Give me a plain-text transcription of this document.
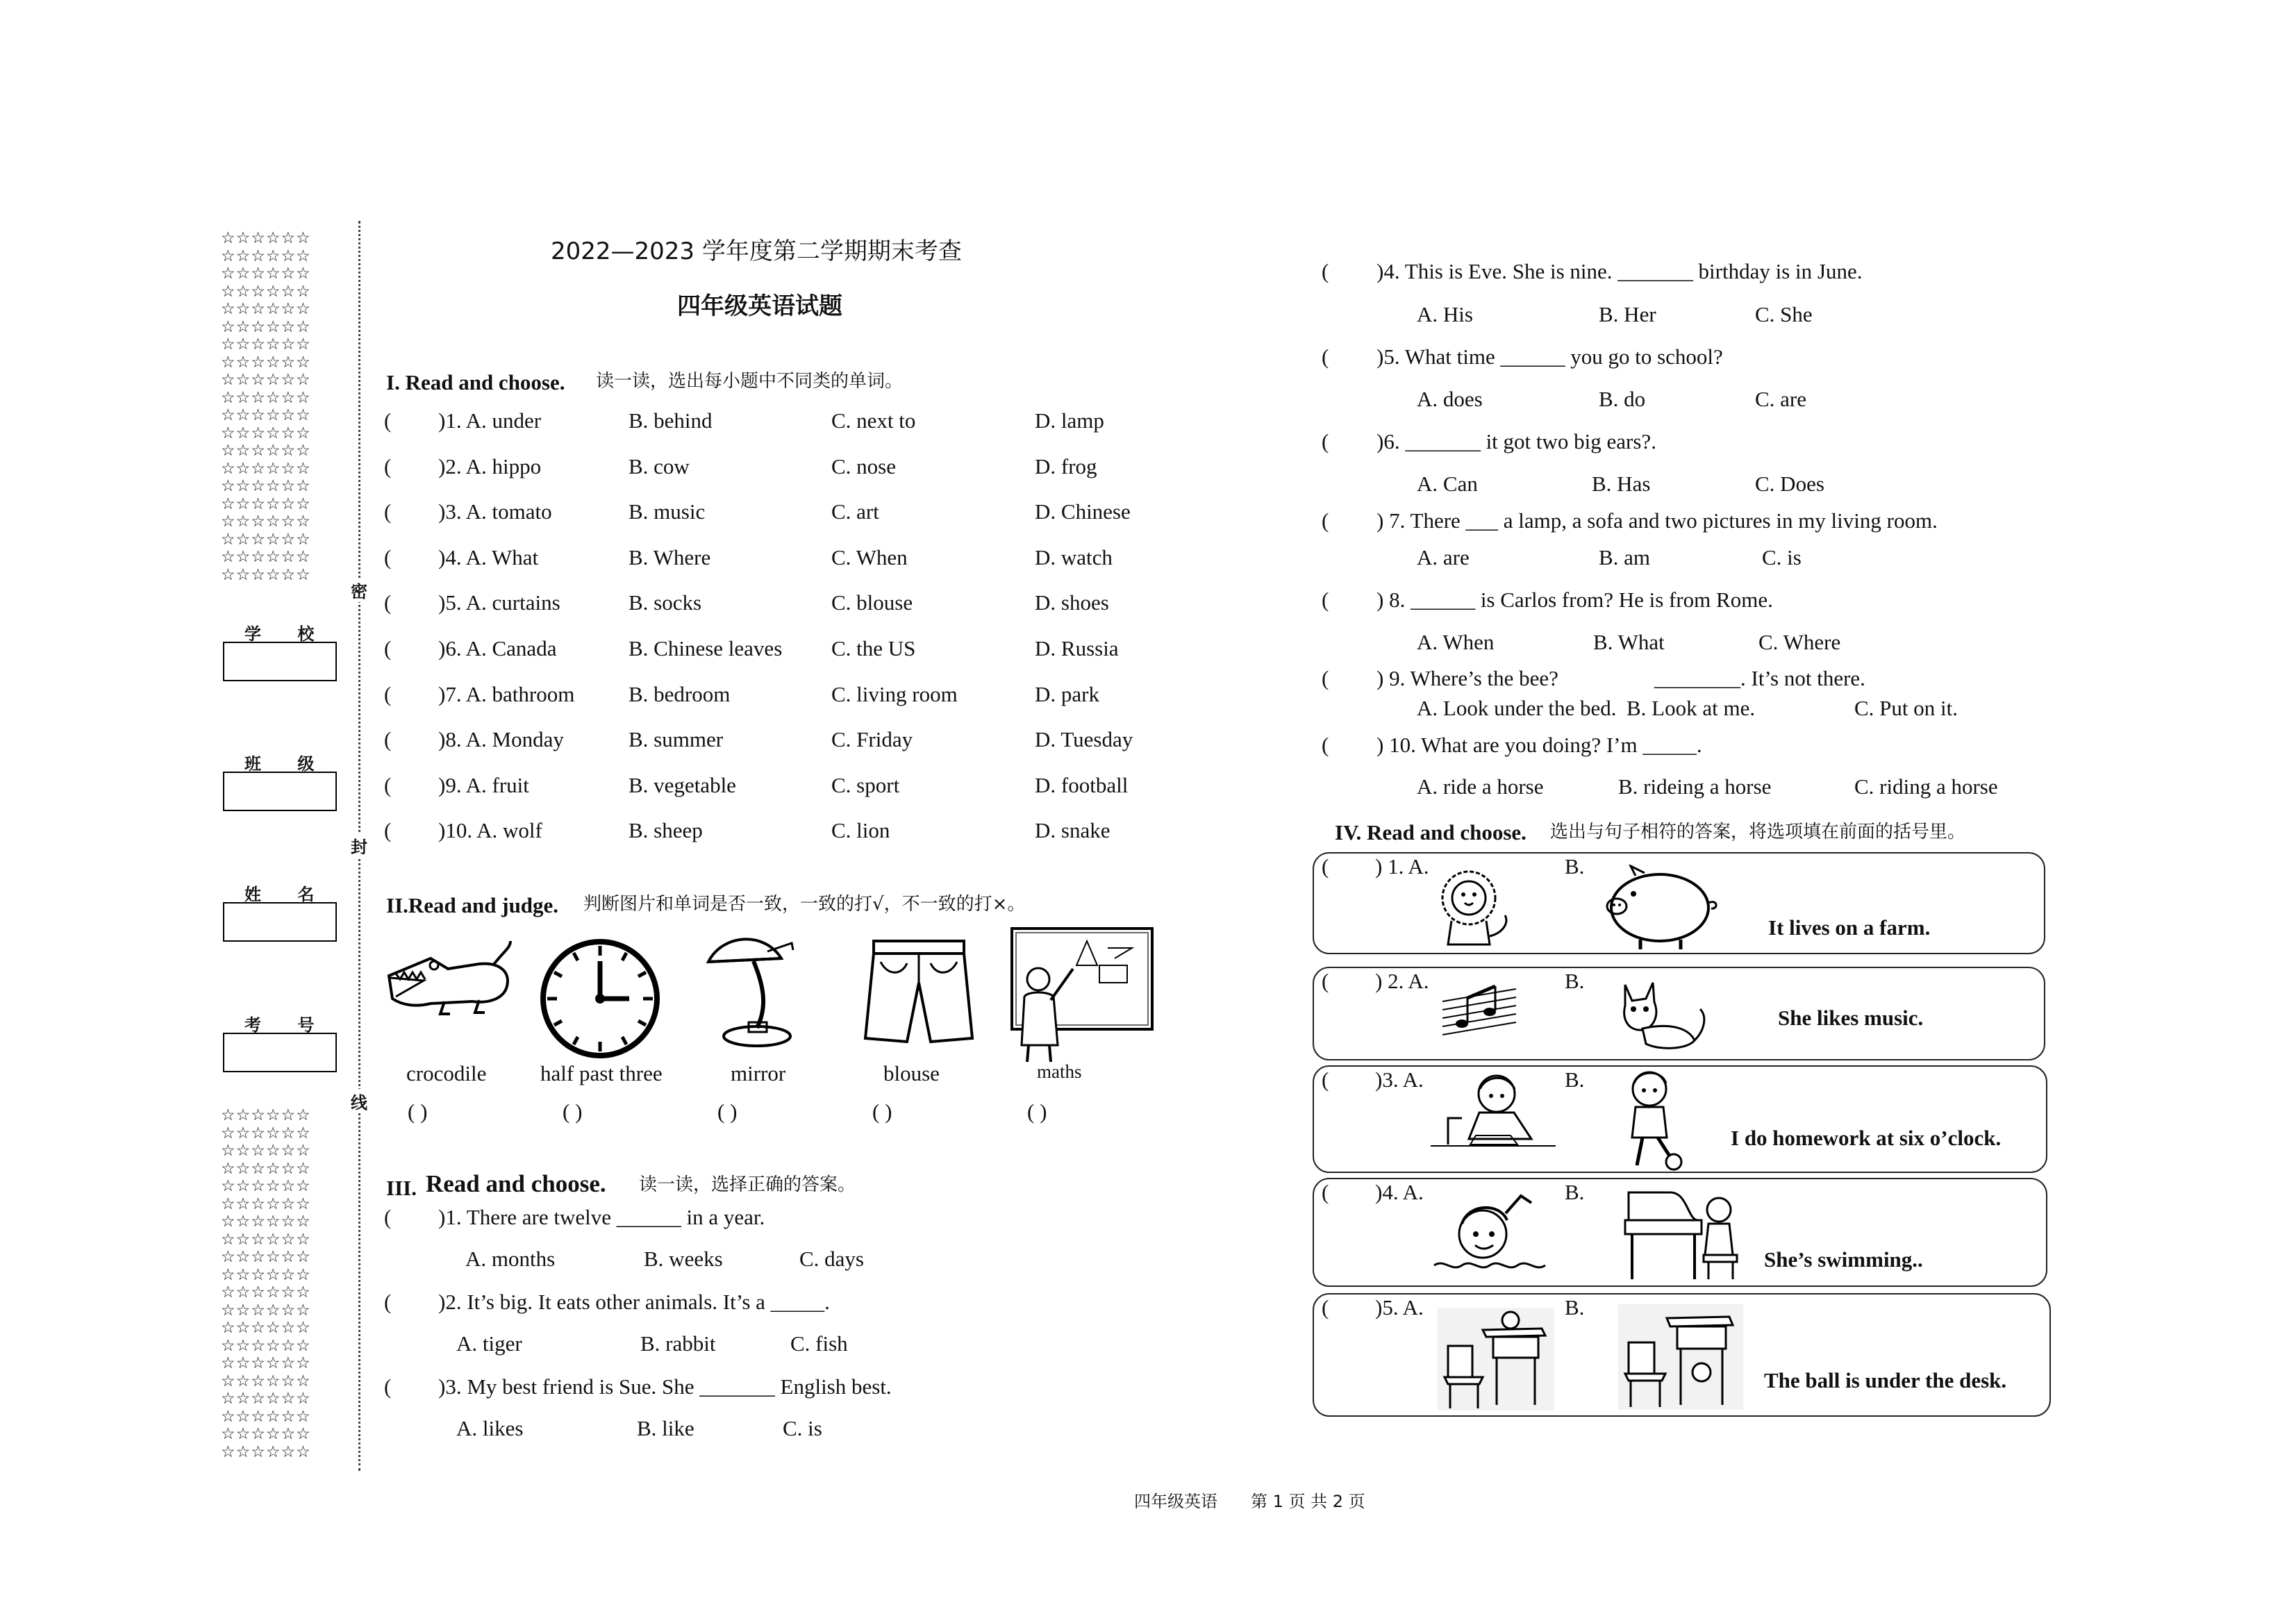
☆☆☆☆☆☆
☆☆☆☆☆☆
☆☆☆☆☆☆
☆☆☆☆☆☆
☆☆☆☆☆☆
☆☆☆☆☆☆
☆☆☆☆☆☆
☆☆☆☆☆☆
☆☆☆☆☆☆
☆☆☆☆☆☆
☆☆☆☆☆☆
☆☆☆☆☆☆
☆☆☆☆☆☆
☆☆☆☆☆☆
☆☆☆☆☆☆
☆☆☆☆☆☆
☆☆☆☆☆☆
☆☆☆☆☆☆
☆☆☆☆☆☆
☆☆☆☆☆☆
学 校
班 级
姓 名
考 号
☆☆☆☆☆☆
☆☆☆☆☆☆
☆☆☆☆☆☆
☆☆☆☆☆☆
☆☆☆☆☆☆
☆☆☆☆☆☆
☆☆☆☆☆☆
☆☆☆☆☆☆
☆☆☆☆☆☆
☆☆☆☆☆☆
☆☆☆☆☆☆
☆☆☆☆☆☆
☆☆☆☆☆☆
☆☆☆☆☆☆
☆☆☆☆☆☆
☆☆☆☆☆☆
☆☆☆☆☆☆
☆☆☆☆☆☆
☆☆☆☆☆☆
☆☆☆☆☆☆
密
封
线
2022—2023 学年度第二学期期末考查
四年级英语试题
I. Read and choose. 读一读，选出每小题中不同类的单词。
( )1. A. under	B. behind	C. next to	D. lamp
( )2. A. hippo	B. cow	C. nose	D. frog
( )3. A. tomato	B. music	C. art	D. Chinese
( )4. A. What	B. Where	C. When	D. watch
( )5. A. curtains	B. socks	C. blouse	D. shoes
( )6. A. Canada	B. Chinese leaves C. the US	D. Russia
( )7. A. bathroom	B. bedroom	C. living room	D. park
( )8. A. Monday	B. summer	C. Friday	D. Tuesday
( )9. A. fruit	B. vegetable	C. sport	D. football
( )10. A. wolf	B. sheep	C. lion	D. snake
II.Read and judge. 判断图片和单词是否一致，一致的打√，不一致的打×。
crocodile
( )
half past three
( )
mirror
( )
blouse
( )
maths
( )
III. Read and choose. 读一读，选择正确的答案。
( )1. There are twelve ______ in a year.
A. months	B. weeks	C. days
( )2. It’s big. It eats other animals. It’s a _____.
A. tiger	B. rabbit	C. fish
( )3. My best friend is Sue. She _______ English best.
A. likes	B. like	C. is
( )4. This is Eve. She is nine. _______ birthday is in June.
A. His	B. Her	C. She
( )5. What time ______ you go to school?
A. does	B. do	C. are
( )6. _______ it got two big ears?.
A. Can	B. Has	C. Does
( ) 7. There ___ a lamp, a sofa and two pictures in my living room.
A. are	B. am	C. is
( ) 8. ______ is Carlos from? He is from Rome.
A. When	B. What	C. Where
( ) 9. Where’s the bee?
A. Look under the bed. B. Look at me.	C. Put on it.
( ) 10. What are you doing? I’m _____.
A. ride a horse	B. rideing a horse	C. riding a horse
________. It’s not there.
IV. Read and choose. 选出与句子相符的答案，将选项填在前面的括号里。
( ) 1. A.	B.
It lives on a farm.
( ) 2. A.	B.
She likes music.
( )3. A.	B.
I do homework at six o’clock.
( )4. A.	B.
She’s swimming..
( )5. A.	B.
The ball is under the desk.
四年级英语　　第 1 页 共 2 页
